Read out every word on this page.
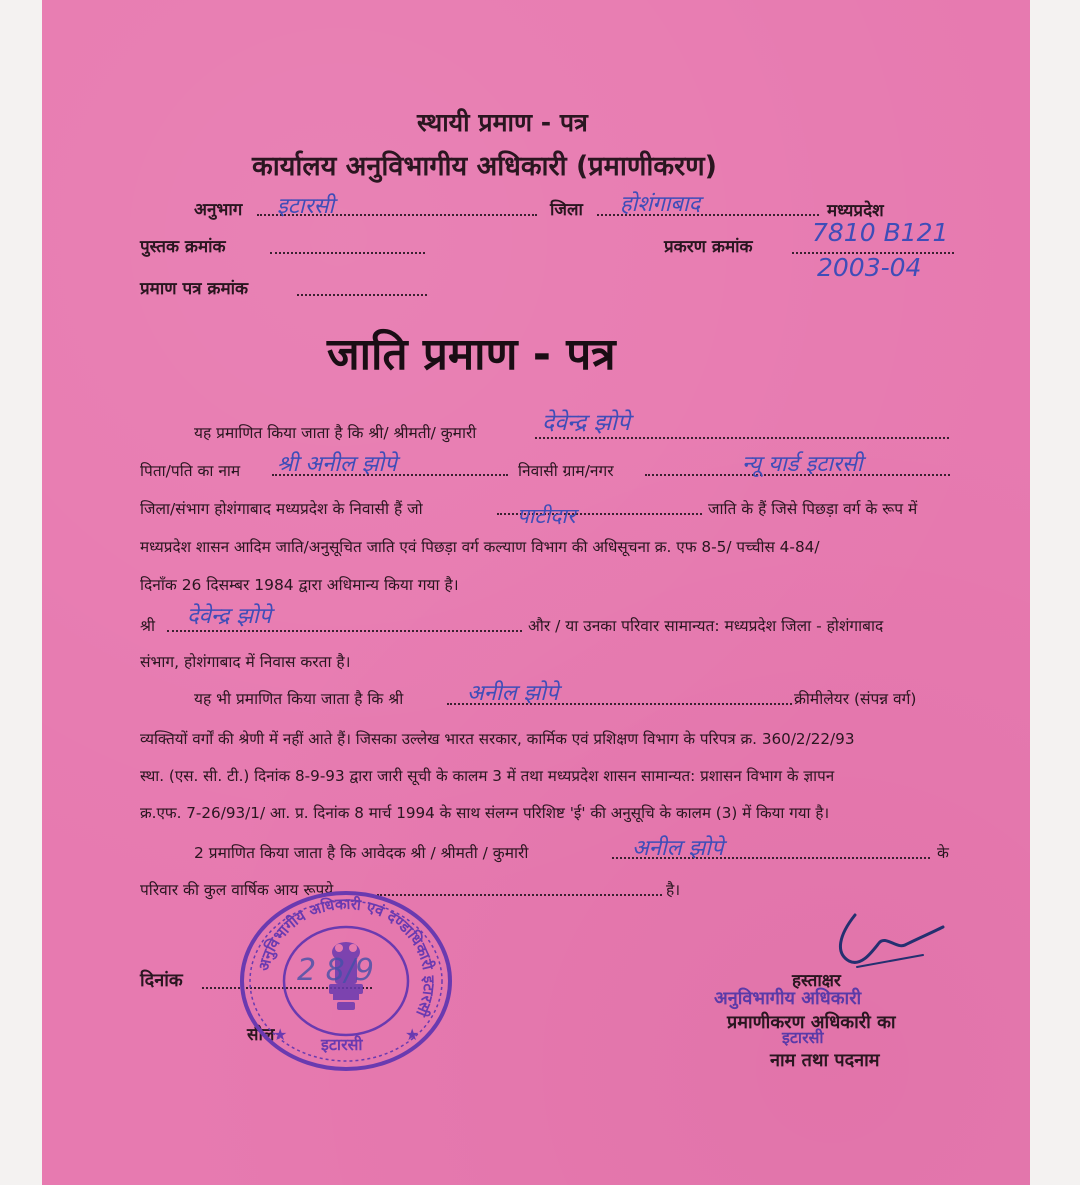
स्थायी प्रमाण - पत्र
कार्यालय अनुविभागीय अधिकारी (प्रमाणीकरण)
अनुभाग इटारसी	जिला होशंगाबाद	मध्यप्रदेश
पुस्तक क्रमांक	प्रकरण क्रमांक 7810 B121
2003-04
प्रमाण पत्र क्रमांक
जाति प्रमाण - पत्र
यह प्रमाणित किया जाता है कि श्री/ श्रीमती/ कुमारी	देवेन्द्र झोपे
पिता/पति का नाम श्री अनील झोपे	निवासी ग्राम/नगर	न्यू यार्ड इटारसी
जिला/संभाग होशंगाबाद मध्यप्रदेश के निवासी हैं जो	पाटीदार	जाति के हैं जिसे पिछड़ा वर्ग के रूप में
मध्यप्रदेश शासन आदिम जाति/अनुसूचित जाति एवं पिछड़ा वर्ग कल्याण विभाग की अधिसूचना क्र. एफ 8-5/ पच्चीस 4-84/
दिनाँक 26 दिसम्बर 1984 द्वारा अधिमान्य किया गया है।
श्री देवेन्द्र झोपे	और / या उनका परिवार सामान्यत: मध्यप्रदेश जिला - होशंगाबाद
संभाग, होशंगाबाद में निवास करता है।
यह भी प्रमाणित किया जाता है कि श्री	अनील झोपे	क्रीमीलेयर (संपन्न वर्ग)
व्यक्तियों वर्गों की श्रेणी में नहीं आते हैं। जिसका उल्लेख भारत सरकार, कार्मिक एवं प्रशिक्षण विभाग के परिपत्र क्र. 360/2/22/93
स्था. (एस. सी. टी.) दिनांक 8-9-93 द्वारा जारी सूची के कालम 3 में तथा मध्यप्रदेश शासन सामान्यत: प्रशासन विभाग के ज्ञापन
क्र.एफ. 7-26/93/1/ आ. प्र. दिनांक 8 मार्च 1994 के साथ संलग्न परिशिष्ट 'ई' की अनुसूचि के कालम (3) में किया गया है।
2 प्रमाणित किया जाता है कि आवेदक श्री / श्रीमती / कुमारी	अनील झोपे	के
परिवार की कुल वार्षिक आय रूपये	है।
दिनांक
सील
हस्ताक्षर
अनुविभागीय अधिकारी
प्रमाणीकरण अधिकारी का
इटारसी
नाम तथा पदनाम
अनुविभागीय अधिकारी एवं दण्डाधिकारी इटारसी
2 8/9
इटारसी
★
★
